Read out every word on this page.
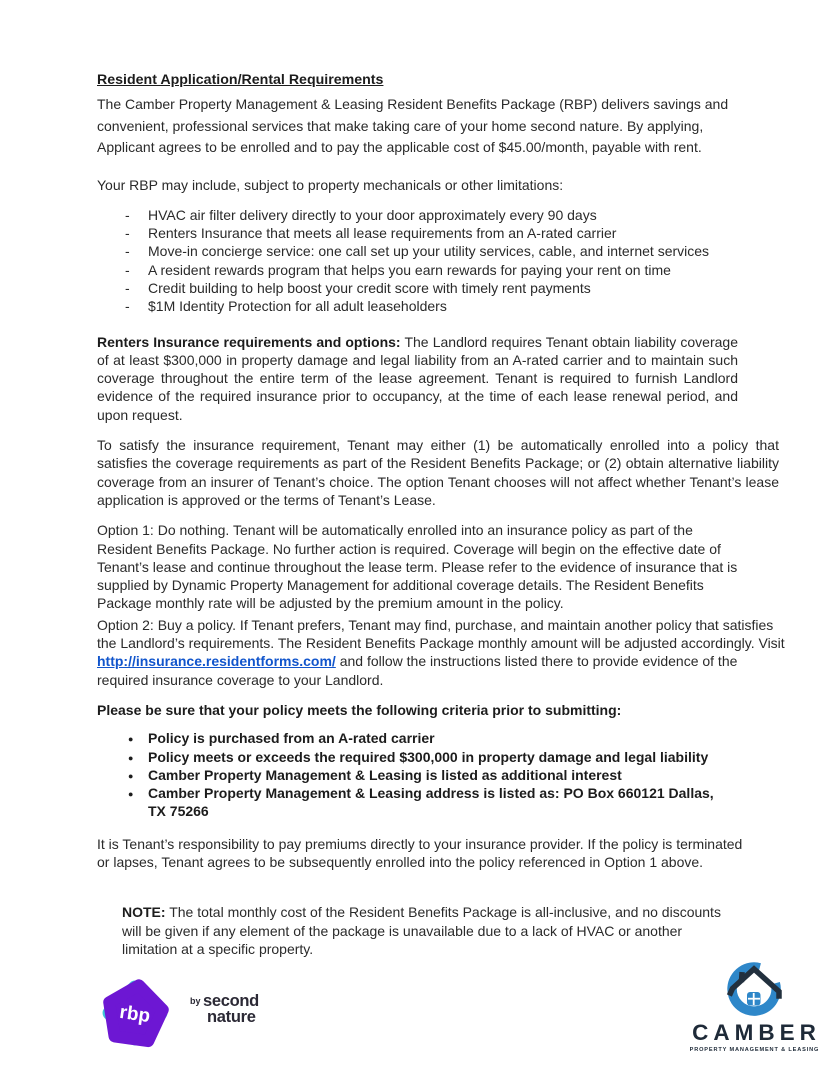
Resident Application/Rental Requirements

The Camber Property Management & Leasing Resident Benefits Package (RBP) delivers savings and convenient, professional services that make taking care of your home second nature. By applying, Applicant agrees to be enrolled and to pay the applicable cost of $45.00/month, payable with rent.

Your RBP may include, subject to property mechanicals or other limitations:

- HVAC air filter delivery directly to your door approximately every 90 days
- Renters Insurance that meets all lease requirements from an A-rated carrier
- Move-in concierge service: one call set up your utility services, cable, and internet services
- A resident rewards program that helps you earn rewards for paying your rent on time
- Credit building to help boost your credit score with timely rent payments
- $1M Identity Protection for all adult leaseholders

Renters Insurance requirements and options: The Landlord requires Tenant obtain liability coverage of at least $300,000 in property damage and legal liability from an A-rated carrier and to maintain such coverage throughout the entire term of the lease agreement. Tenant is required to furnish Landlord evidence of the required insurance prior to occupancy, at the time of each lease renewal period, and upon request.

To satisfy the insurance requirement, Tenant may either (1) be automatically enrolled into a policy that satisfies the coverage requirements as part of the Resident Benefits Package; or (2) obtain alternative liability coverage from an insurer of Tenant’s choice. The option Tenant chooses will not affect whether Tenant’s lease application is approved or the terms of Tenant’s Lease.

Option 1: Do nothing. Tenant will be automatically enrolled into an insurance policy as part of the Resident Benefits Package. No further action is required. Coverage will begin on the effective date of Tenant’s lease and continue throughout the lease term. Please refer to the evidence of insurance that is supplied by Dynamic Property Management for additional coverage details. The Resident Benefits Package monthly rate will be adjusted by the premium amount in the policy.

Option 2: Buy a policy. If Tenant prefers, Tenant may find, purchase, and maintain another policy that satisfies the Landlord’s requirements. The Resident Benefits Package monthly amount will be adjusted accordingly. Visit http://insurance.residentforms.com/ and follow the instructions listed there to provide evidence of the required insurance coverage to your Landlord.

Please be sure that your policy meets the following criteria prior to submitting:

● Policy is purchased from an A-rated carrier
● Policy meets or exceeds the required $300,000 in property damage and legal liability
● Camber Property Management & Leasing is listed as additional interest
● Camber Property Management & Leasing address is listed as: PO Box 660121 Dallas, TX 75266

It is Tenant’s responsibility to pay premiums directly to your insurance provider. If the policy is terminated or lapses, Tenant agrees to be subsequently enrolled into the policy referenced in Option 1 above.

NOTE: The total monthly cost of the Resident Benefits Package is all-inclusive, and no discounts will be given if any element of the package is unavailable due to a lack of HVAC or another limitation at a specific property.

rbp
by second
nature
CAMBER
PROPERTY MANAGEMENT & LEASING
